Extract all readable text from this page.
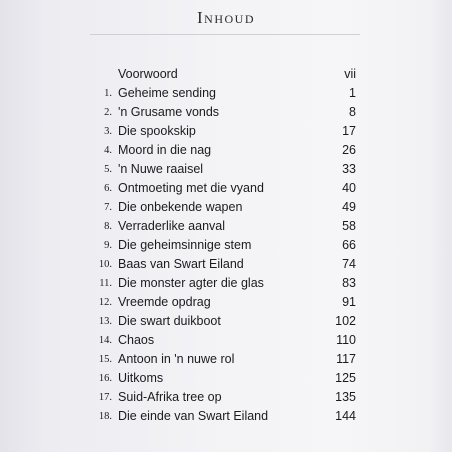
Inhoud
Voorwoord	vii
1. Geheime sending	1
2. 'n Grusame vonds	8
3. Die spookskip	17
4. Moord in die nag	26
5. 'n Nuwe raaisel	33
6. Ontmoeting met die vyand	40
7. Die onbekende wapen	49
8. Verraderlike aanval	58
9. Die geheimsinnige stem	66
10. Baas van Swart Eiland	74
11. Die monster agter die glas	83
12. Vreemde opdrag	91
13. Die swart duikboot	102
14. Chaos	110
15. Antoon in 'n nuwe rol	117
16. Uitkoms	125
17. Suid-Afrika tree op	135
18. Die einde van Swart Eiland	144
